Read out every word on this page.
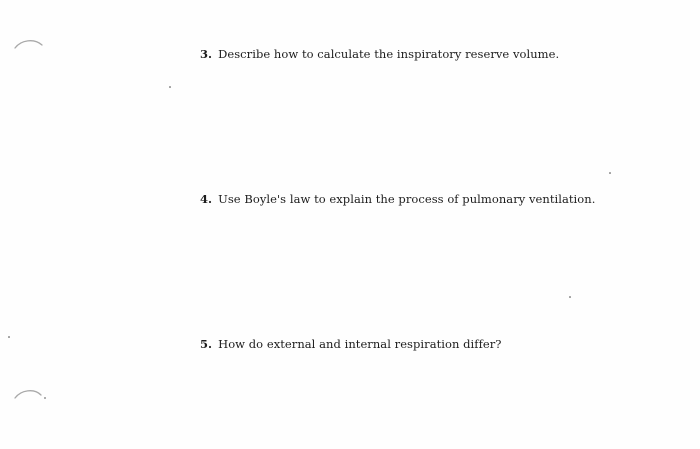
3. Describe how to calculate the inspiratory reserve volume.
4. Use Boyle's law to explain the process of pulmonary ventilation.
5. How do external and internal respiration differ?
